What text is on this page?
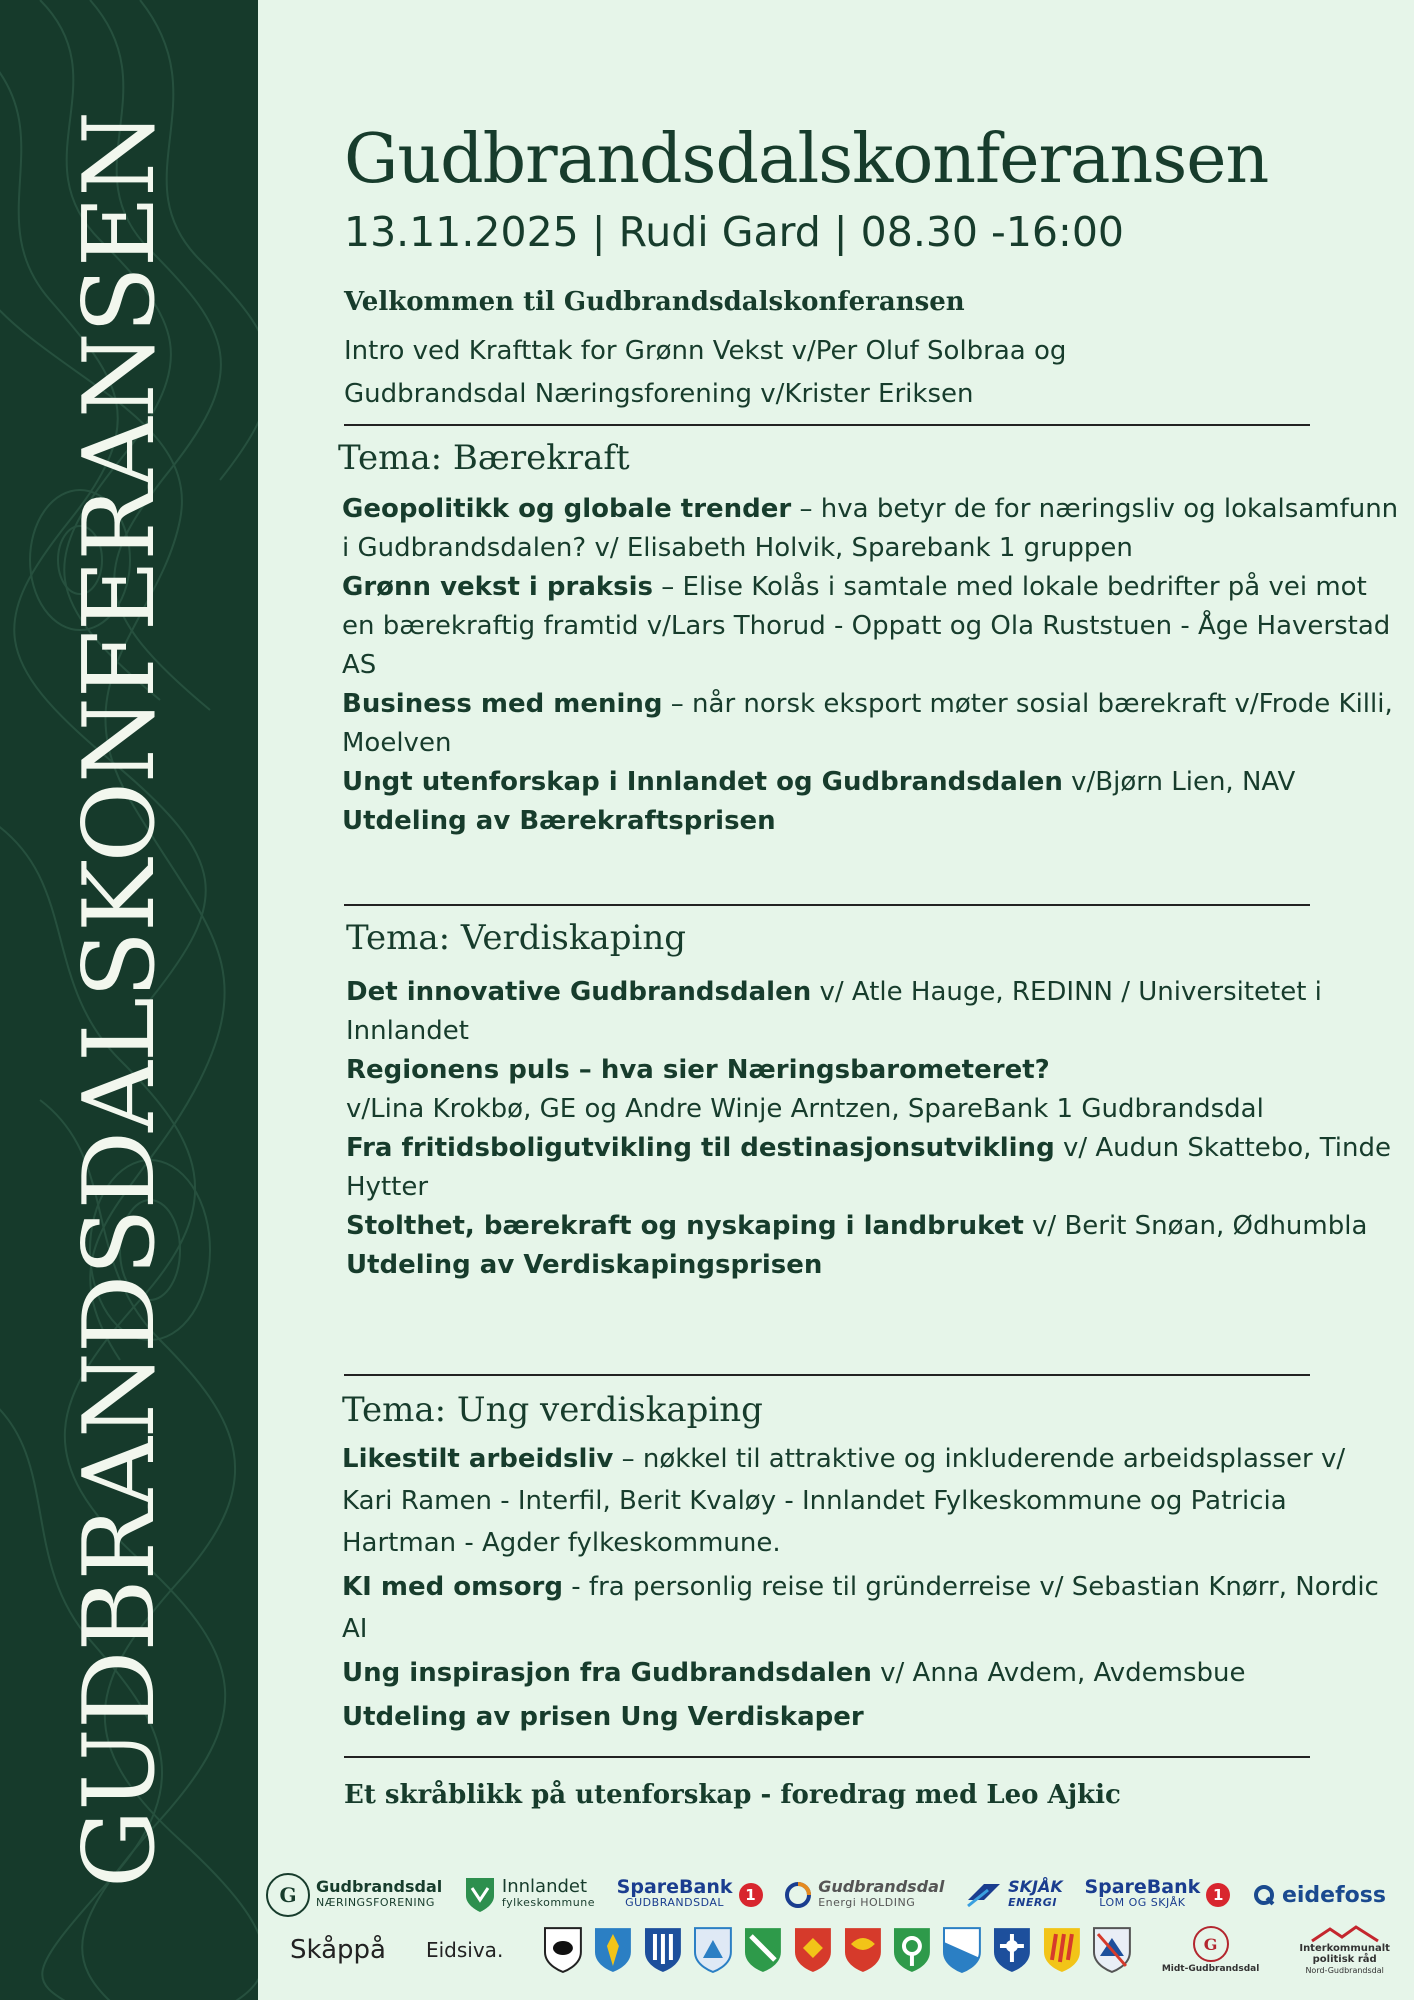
GUDBRANDSDALSKONFERANSEN Gudbrandsdalskonferansen
13.11.2025 | Rudi Gard | 08.30 -16:00
Velkommen til Gudbrandsdalskonferansen
Intro ved Krafttak for Grønn Vekst v/Per Oluf Solbraa og
Gudbrandsdal Næringsforening v/Krister Eriksen
Tema: Bærekraft

Geopolitikk og globale trender – hva betyr de for næringsliv og lokalsamfunn i Gudbrandsdalen? v/ Elisabeth Holvik, Sparebank 1 gruppen

Grønn vekst i praksis – Elise Kolås i samtale med lokale bedrifter på vei mot en bærekraftig framtid v/Lars Thorud - Oppatt og Ola Ruststuen - Åge Haverstad AS

Business med mening – når norsk eksport møter sosial bærekraft v/Frode Killi, Moelven

Ungt utenforskap i Innlandet og Gudbrandsdalen v/Bjørn Lien, NAV

Utdeling av Bærekraftsprisen

Tema: Verdiskaping

Det innovative Gudbrandsdalen v/ Atle Hauge, REDINN / Universitetet i Innlandet

Regionens puls – hva sier Næringsbarometeret?

v/Lina Krokbø, GE og Andre Winje Arntzen, SpareBank 1 Gudbrandsdal

Fra fritidsboligutvikling til destinasjonsutvikling v/ Audun Skattebo, Tinde Hytter

Stolthet, bærekraft og nyskaping i landbruket v/ Berit Snøan, Ødhumbla

Utdeling av Verdiskapingsprisen

Tema: Ung verdiskaping

Likestilt arbeidsliv – nøkkel til attraktive og inkluderende arbeidsplasser v/ Kari Ramen - Interfil, Berit Kvaløy - Innlandet Fylkeskommune og Patricia Hartman - Agder fylkeskommune.

KI med omsorg - fra personlig reise til gründerreise v/ Sebastian Knørr, Nordic AI

Ung inspirasjon fra Gudbrandsdalen v/ Anna Avdem, Avdemsbue

Utdeling av prisen Ung Verdiskaper

Et skråblikk på utenforskap - foredrag med Leo Ajkic
G	Gudbrandsdal
NÆRINGSFORENING
Innlandet
fylkeskommune
SpareBank
GUDBRANDSDAL	1	Gudbrandsdal
Energi HOLDING
SKJÅK
ENERGI
SpareBank
LOM OG SKJÅK	1	eidefoss
Skåppå Eidsiva.	G
Midt-Gudbrandsdal
Interkommunalt
politisk råd
Nord-Gudbrandsdal
